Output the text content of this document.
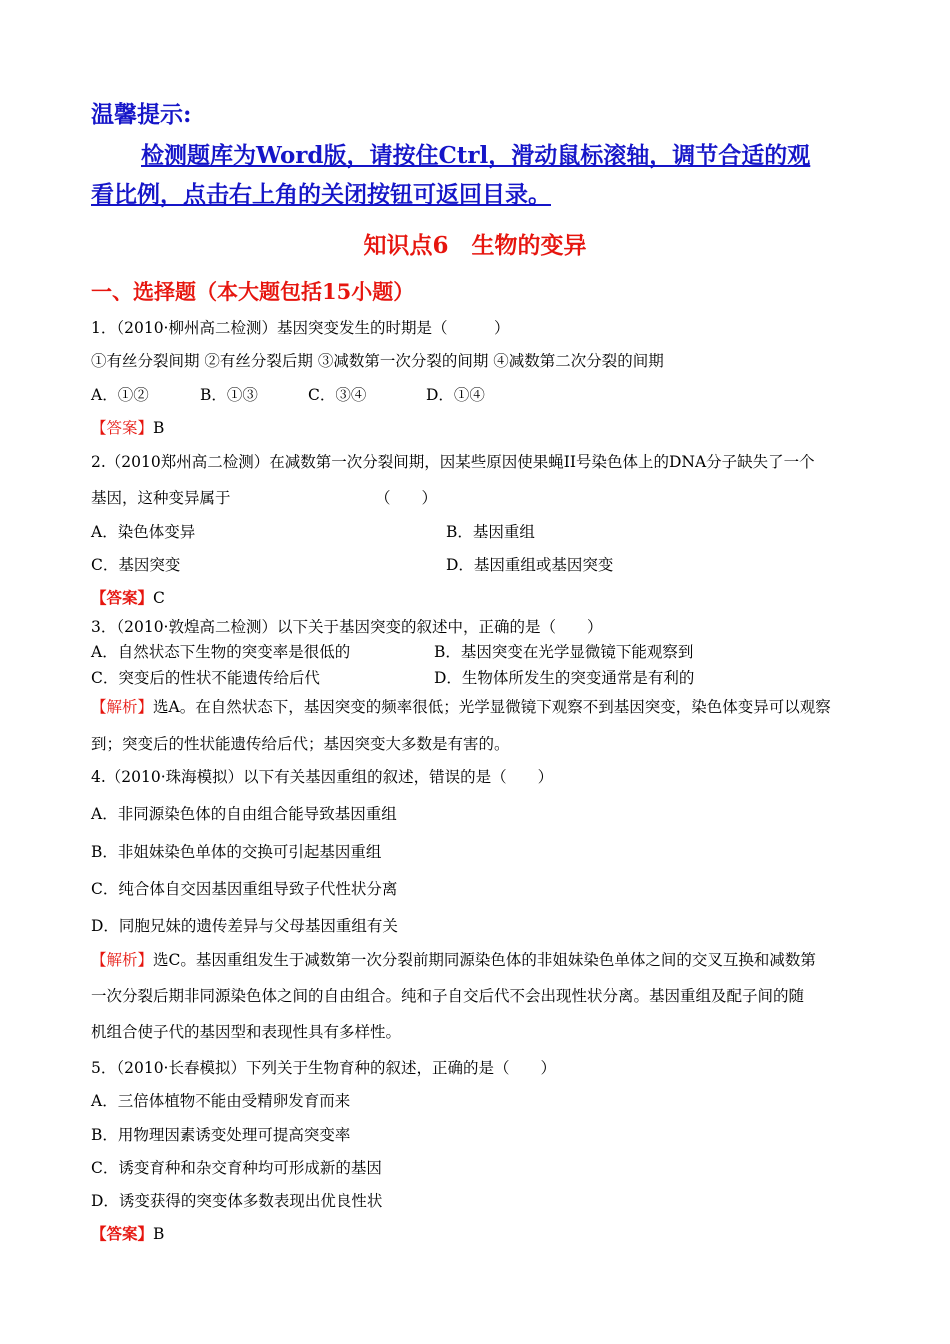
温馨提示:
检测题库为Word版，请按住Ctrl，滑动鼠标滚轴，调节合适的观
看比例，点击右上角的关闭按钮可返回目录。
知识点6　生物的变异
一、选择题（本大题包括15小题）
1．（2010·柳州高二检测）基因突变发生的时期是（　　　）
①有丝分裂间期 ②有丝分裂后期 ③减数第一次分裂的间期 ④减数第二次分裂的间期
A．①②	B．①③	C．③④	D．①④
【答案】B
2.（2010郑州高二检测）在减数第一次分裂间期，因某些原因使果蝇II号染色体上的DNA分子缺失了一个
基因，这种变异属于	（　　）
A．染色体变异	B．基因重组
C．基因突变	D．基因重组或基因突变
【答案】C
3．（2010·敦煌高二检测）以下关于基因突变的叙述中，正确的是（　　）
A．自然状态下生物的突变率是很低的	B．基因突变在光学显微镜下能观察到
C．突变后的性状不能遗传给后代	D．生物体所发生的突变通常是有利的
【解析】选A。在自然状态下，基因突变的频率很低；光学显微镜下观察不到基因突变，染色体变异可以观察
到；突变后的性状能遗传给后代；基因突变大多数是有害的。
4.（2010·珠海模拟）以下有关基因重组的叙述，错误的是（　　）
A．非同源染色体的自由组合能导致基因重组
B．非姐妹染色单体的交换可引起基因重组
C．纯合体自交因基因重组导致子代性状分离
D．同胞兄妹的遗传差异与父母基因重组有关
【解析】选C。基因重组发生于减数第一次分裂前期同源染色体的非姐妹染色单体之间的交叉互换和减数第
一次分裂后期非同源染色体之间的自由组合。纯和子自交后代不会出现性状分离。基因重组及配子间的随
机组合使子代的基因型和表现性具有多样性。
5．（2010·长春模拟）下列关于生物育种的叙述，正确的是（　　）
A．三倍体植物不能由受精卵发育而来
B．用物理因素诱变处理可提高突变率
C．诱变育种和杂交育种均可形成新的基因
D．诱变获得的突变体多数表现出优良性状
【答案】B
